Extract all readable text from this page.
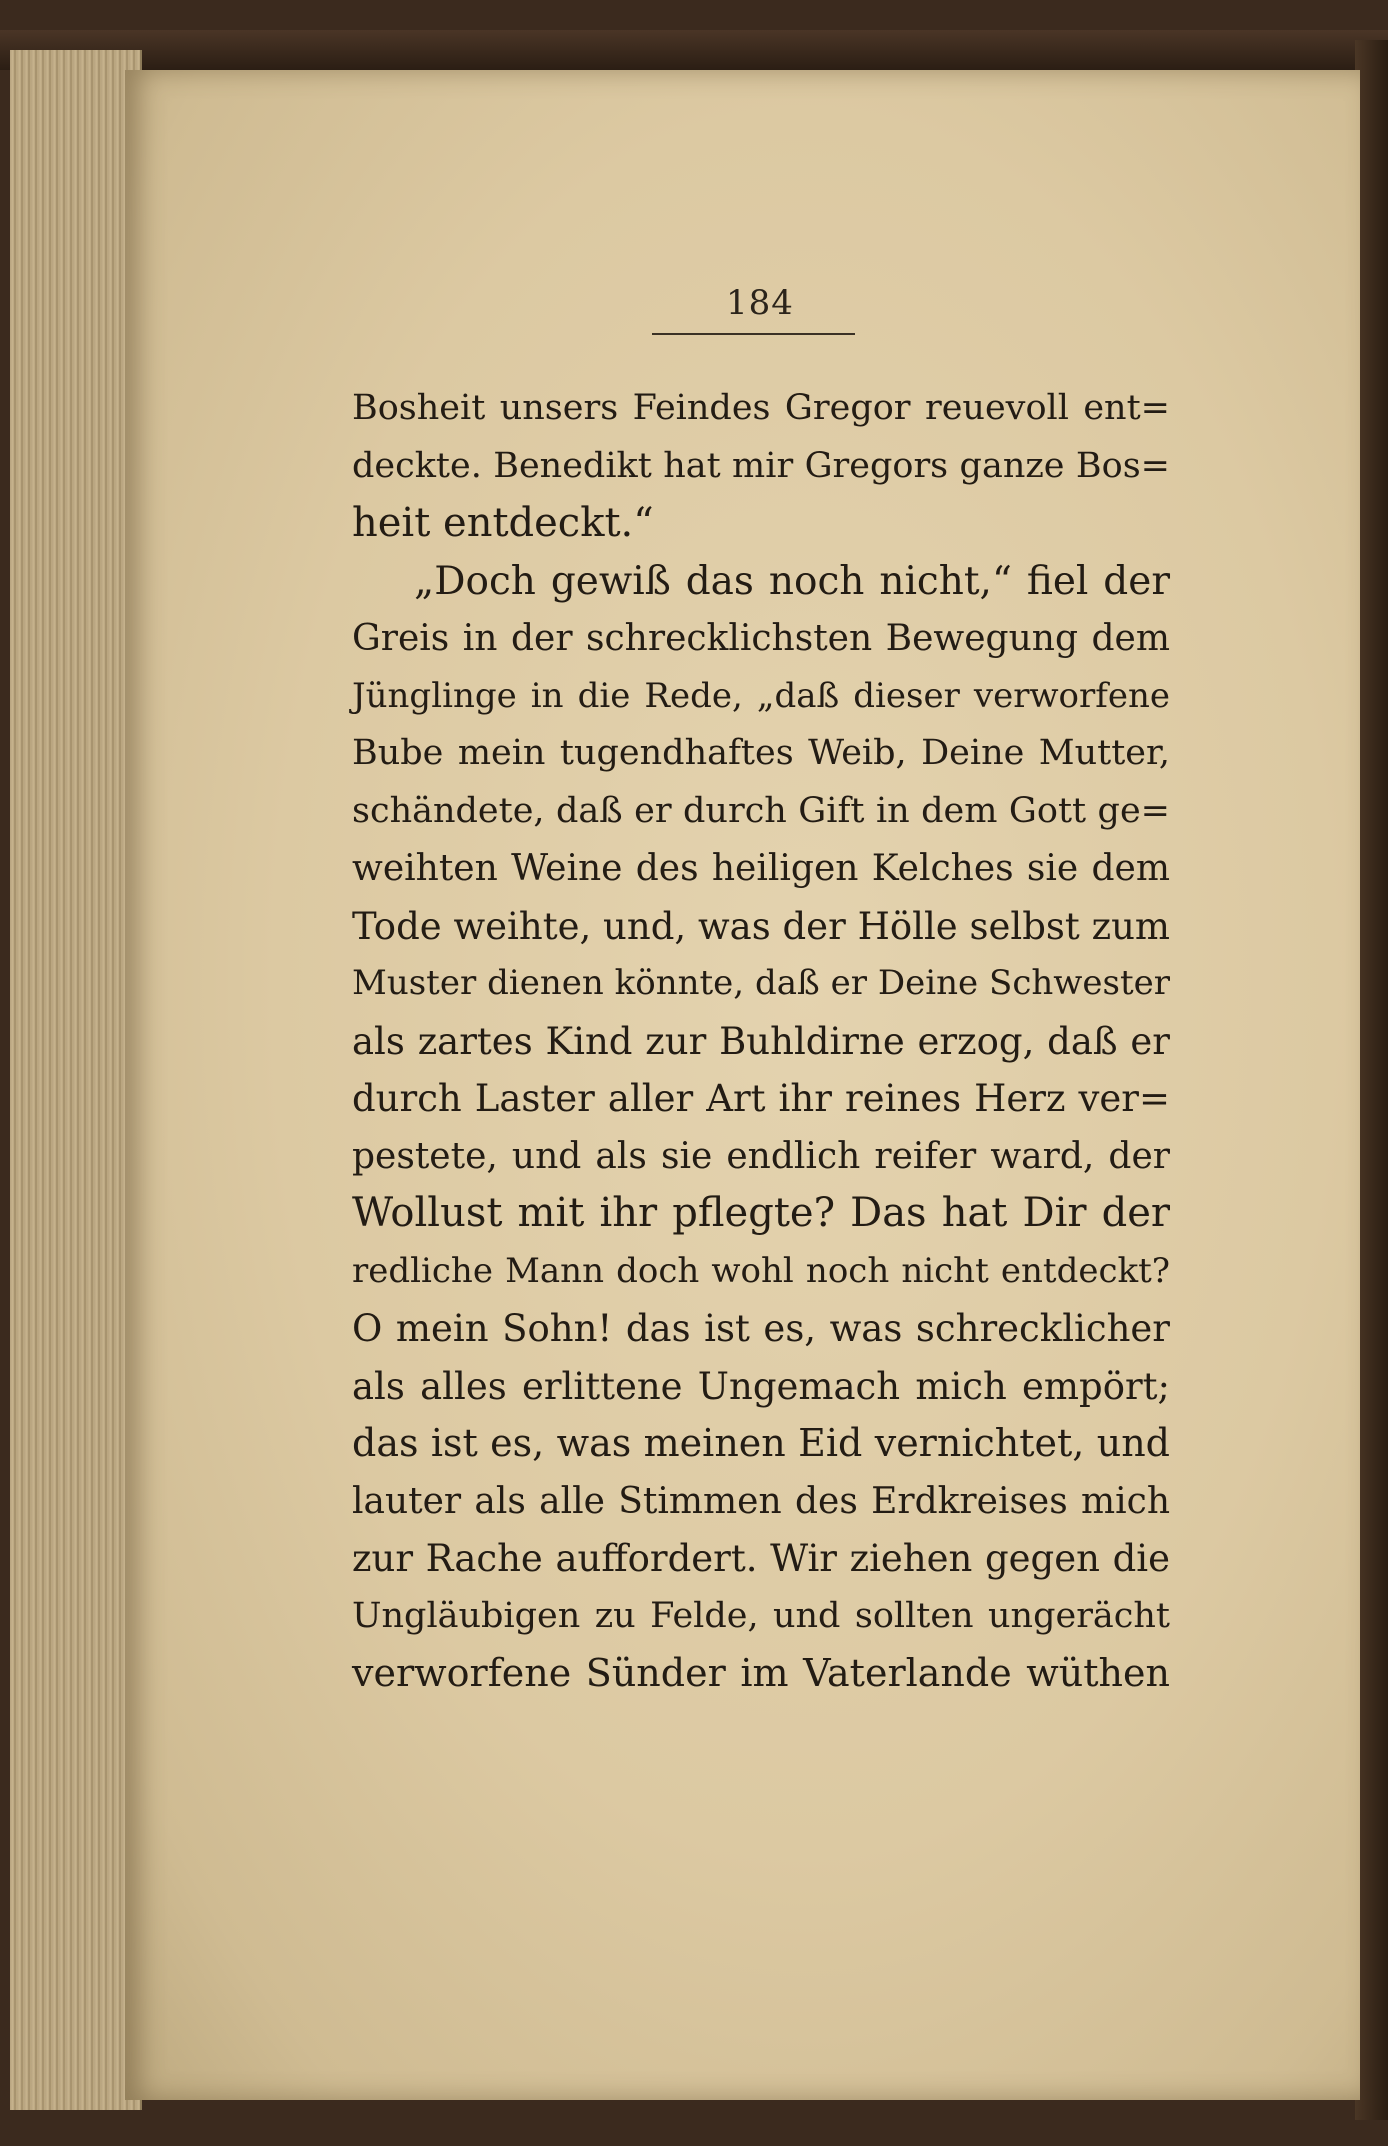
184
Bosheit unsers Feindes Gregor reuevoll ent=
deckte. Benedikt hat mir Gregors ganze Bos=
heit entdeckt.“
„Doch gewiß das noch nicht,“ fiel der
Greis in der schrecklichsten Bewegung dem
Jünglinge in die Rede, „daß dieser verworfene
Bube mein tugendhaftes Weib, Deine Mutter,
schändete, daß er durch Gift in dem Gott ge=
weihten Weine des heiligen Kelches sie dem
Tode weihte, und, was der Hölle selbst zum
Muster dienen könnte, daß er Deine Schwester
als zartes Kind zur Buhldirne erzog, daß er
durch Laster aller Art ihr reines Herz ver=
pestete, und als sie endlich reifer ward, der
Wollust mit ihr pflegte? Das hat Dir der
redliche Mann doch wohl noch nicht entdeckt?
O mein Sohn! das ist es, was schrecklicher
als alles erlittene Ungemach mich empört;
das ist es, was meinen Eid vernichtet, und
lauter als alle Stimmen des Erdkreises mich
zur Rache auffordert. Wir ziehen gegen die
Ungläubigen zu Felde, und sollten ungerächt
verworfene Sünder im Vaterlande wüthen
